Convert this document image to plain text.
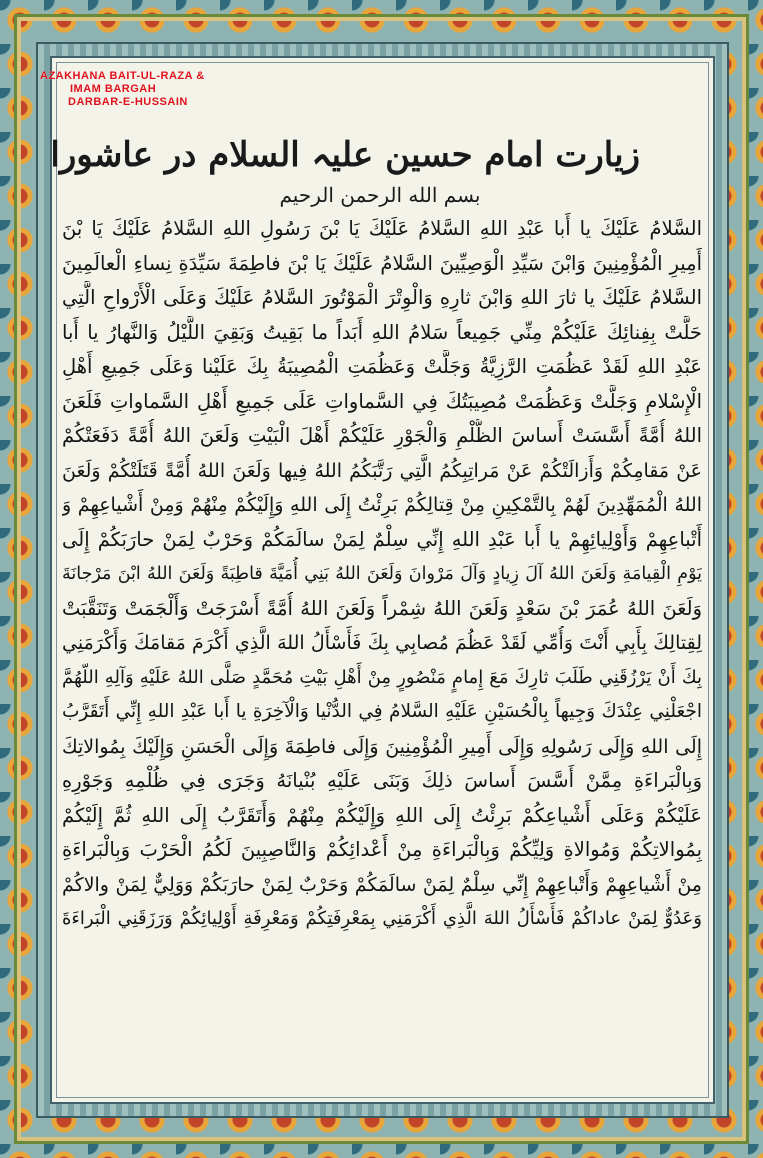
AZAKHANA BAIT-UL-RAZA &
IMAM BARGAH
DARBAR-E-HUSSAIN
زیارت امام حسین علیہ السلام در عاشورا
بسم الله الرحمن الرحیم
السَّلامُ عَلَيْكَ يا أَبا عَبْدِ اللهِ السَّلامُ عَلَيْكَ يَا بْنَ رَسُولِ اللهِ السَّلامُ عَلَيْكَ يَا بْنَ
أَمِيرِ الْمُؤْمِنِينَ وَابْنَ سَيِّدِ الْوَصِيِّينَ السَّلامُ عَلَيْكَ يَا بْنَ فاطِمَةَ سَيِّدَةِ نِساءِ الْعالَمِينَ
السَّلامُ عَلَيْكَ يا ثارَ اللهِ وَابْنَ ثارِهِ وَالْوِتْرَ الْمَوْتُورَ السَّلامُ عَلَيْكَ وَعَلَى الْأَرْواحِ الَّتِي
حَلَّتْ بِفِنائِكَ عَلَيْكُمْ مِنِّي جَمِيعاً سَلامُ اللهِ أَبَداً ما بَقِيتُ وَبَقِيَ اللَّيْلُ وَالنَّهارُ يا أَبا
عَبْدِ اللهِ لَقَدْ عَظُمَتِ الرَّزِيَّةُ وَجَلَّتْ وَعَظُمَتِ الْمُصِيبَةُ بِكَ عَلَيْنا وَعَلَى جَمِيعِ أَهْلِ
الْإِسْلامِ وَجَلَّتْ وَعَظُمَتْ مُصِيبَتُكَ فِي السَّماواتِ عَلَى جَمِيعِ أَهْلِ السَّماواتِ فَلَعَنَ
اللهُ أُمَّةً أَسَّسَتْ أَساسَ الظُّلْمِ وَالْجَوْرِ عَلَيْكُمْ أَهْلَ الْبَيْتِ وَلَعَنَ اللهُ أُمَّةً دَفَعَتْكُمْ
عَنْ مَقامِكُمْ وَأَزالَتْكُمْ عَنْ مَراتِبِكُمُ الَّتِي رَتَّبَكُمُ اللهُ فِيها وَلَعَنَ اللهُ أُمَّةً قَتَلَتْكُمْ وَلَعَنَ
اللهُ الْمُمَهِّدِينَ لَهُمْ بِالتَّمْكِينِ مِنْ قِتالِكُمْ بَرِئْتُ إِلَى اللهِ وَإِلَيْكُمْ مِنْهُمْ وَمِنْ أَشْياعِهِمْ وَ
أَتْباعِهِمْ وَأَوْلِيائِهِمْ يا أَبا عَبْدِ اللهِ إِنِّي سِلْمٌ لِمَنْ سالَمَكُمْ وَحَرْبٌ لِمَنْ حارَبَكُمْ إِلَى
يَوْمِ الْقِيامَةِ وَلَعَنَ اللهُ آلَ زِيادٍ وَآلَ مَرْوانَ وَلَعَنَ اللهُ بَنِي أُمَيَّةَ قاطِبَةً وَلَعَنَ اللهُ ابْنَ مَرْجانَةَ
وَلَعَنَ اللهُ عُمَرَ بْنَ سَعْدٍ وَلَعَنَ اللهُ شِمْراً وَلَعَنَ اللهُ أُمَّةً أَسْرَجَتْ وَأَلْجَمَتْ وَتَنَقَّبَتْ
لِقِتالِكَ بِأَبِي أَنْتَ وَأُمِّي لَقَدْ عَظُمَ مُصابِي بِكَ فَأَسْأَلُ اللهَ الَّذِي أَكْرَمَ مَقامَكَ وَأَكْرَمَنِي
بِكَ أَنْ يَرْزُقَنِي طَلَبَ ثارِكَ مَعَ إِمامٍ مَنْصُورٍ مِنْ أَهْلِ بَيْتِ مُحَمَّدٍ صَلَّى اللهُ عَلَيْهِ وَآلِهِ اللّهُمَّ
اجْعَلْنِي عِنْدَكَ وَجِيهاً بِالْحُسَيْنِ عَلَيْهِ السَّلامُ فِي الدُّنْيا وَالْآخِرَةِ يا أَبا عَبْدِ اللهِ إِنِّي أَتَقَرَّبُ
إِلَى اللهِ وَإِلَى رَسُولِهِ وَإِلَى أَمِيرِ الْمُؤْمِنِينَ وَإِلَى فاطِمَةَ وَإِلَى الْحَسَنِ وَإِلَيْكَ بِمُوالاتِكَ
وَبِالْبَراءَةِ مِمَّنْ أَسَّسَ أَساسَ ذلِكَ وَبَنَى عَلَيْهِ بُنْيانَهُ وَجَرَى فِي ظُلْمِهِ وَجَوْرِهِ
عَلَيْكُمْ وَعَلَى أَشْياعِكُمْ بَرِئْتُ إِلَى اللهِ وَإِلَيْكُمْ مِنْهُمْ وَأَتَقَرَّبُ إِلَى اللهِ ثُمَّ إِلَيْكُمْ
بِمُوالاتِكُمْ وَمُوالاةِ وَلِيِّكُمْ وَبِالْبَراءَةِ مِنْ أَعْدائِكُمْ وَالنَّاصِبِينَ لَكُمُ الْحَرْبَ وَبِالْبَراءَةِ
مِنْ أَشْياعِهِمْ وَأَتْباعِهِمْ إِنِّي سِلْمٌ لِمَنْ سالَمَكُمْ وَحَرْبٌ لِمَنْ حارَبَكُمْ وَوَلِيٌّ لِمَنْ والاكُمْ
وَعَدُوٌّ لِمَنْ عاداكُمْ فَأَسْأَلُ اللهَ الَّذِي أَكْرَمَنِي بِمَعْرِفَتِكُمْ وَمَعْرِفَةِ أَوْلِيائِكُمْ وَرَزَقَنِي الْبَراءَةَ
